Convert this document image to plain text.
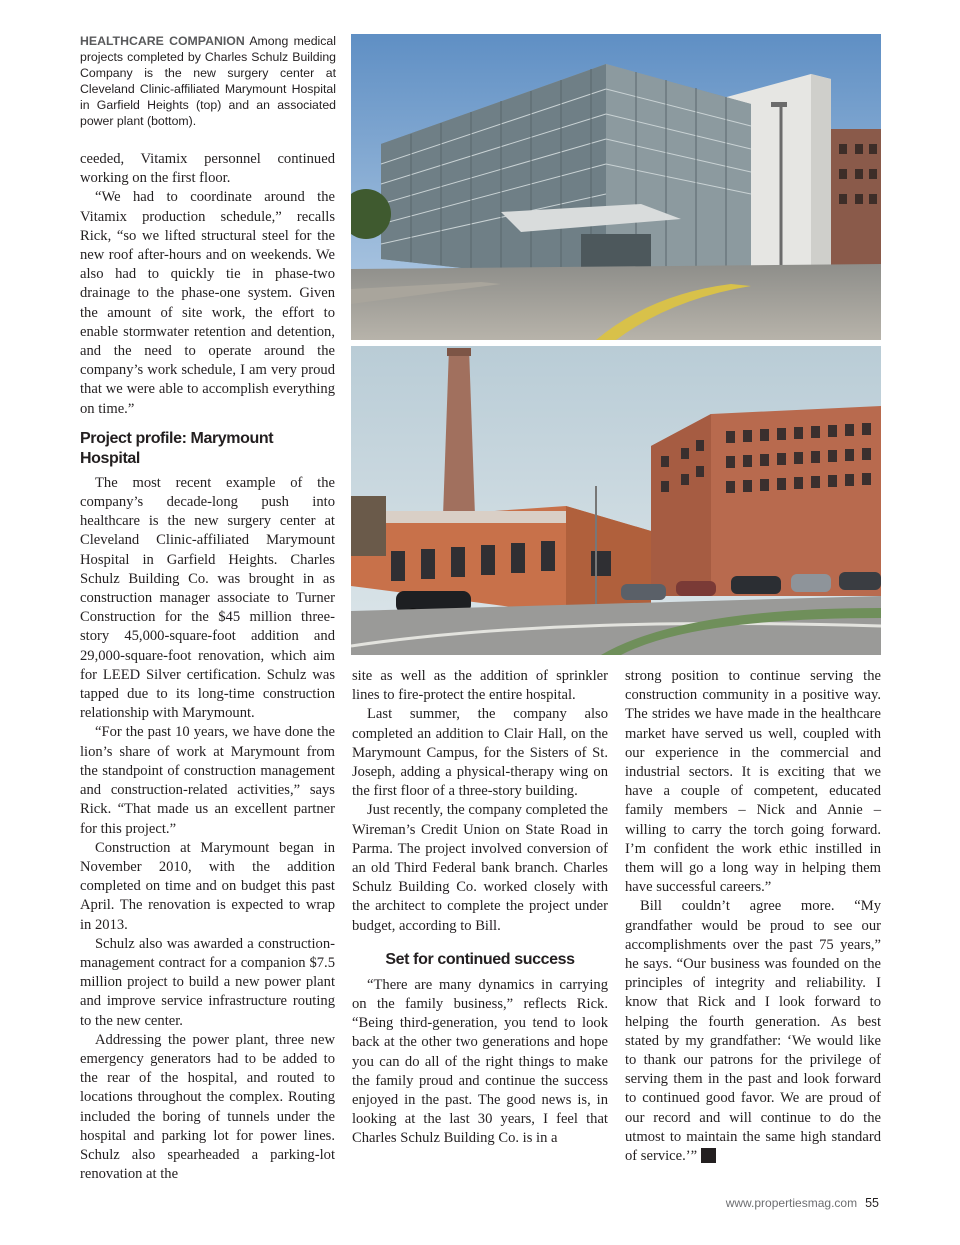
HEALTHCARE COMPANION Among medical projects completed by Charles Schulz Building Company is the new surgery center at Cleveland Clinic-affiliated Marymount Hospital in Garfield Heights (top) and an associated power plant (bottom).

ceeded, Vitamix personnel continued working on the first floor.

“We had to coordinate around the Vitamix production schedule,” recalls Rick, “so we lifted structural steel for the new roof after-hours and on weekends. We also had to quickly tie in phase-two drainage to the phase-one system. Given the amount of site work, the effort to enable stormwater retention and detention, and the need to operate around the company’s work schedule, I am very proud that we were able to accomplish everything on time.”

Project profile: Marymount Hospital

The most recent example of the company’s decade-long push into healthcare is the new surgery center at Cleveland Clinic-affiliated Marymount Hospital in Garfield Heights. Charles Schulz Building Co. was brought in as construction manager associate to Turner Construction for the $45 million three-story 45,000-square-foot addition and 29,000-square-foot renovation, which aim for LEED Silver certification. Schulz was tapped due to its long-time construction relationship with Marymount.

“For the past 10 years, we have done the lion’s share of work at Marymount from the standpoint of construction management and construction-related activities,” says Rick. “That made us an excellent partner for this project.”

Construction at Marymount began in November 2010, with the addition completed on time and on budget this past April. The renovation is expected to wrap in 2013.

Schulz also was awarded a construction-management contract for a companion $7.5 million project to build a new power plant and improve service infrastructure routing to the new center.

Addressing the power plant, three new emergency generators had to be added to the rear of the hospital, and routed to locations throughout the complex. Routing included the boring of tunnels under the hospital and parking lot for power lines. Schulz also spearheaded a parking-lot renovation at the

site as well as the addition of sprinkler lines to fire-protect the entire hospital.

Last summer, the company also completed an addition to Clair Hall, on the Marymount Campus, for the Sisters of St. Joseph, adding a physical-therapy wing on the first floor of a three-story building.

Just recently, the company completed the Wireman’s Credit Union on State Road in Parma. The project involved conversion of an old Third Federal bank branch. Charles Schulz Building Co. worked closely with the architect to complete the project under budget, according to Bill.

Set for continued success

“There are many dynamics in carrying on the family business,” reflects Rick. “Being third-generation, you tend to look back at the other two generations and hope you can do all of the right things to make the family proud and continue the success enjoyed in the past. The good news is, in looking at the last 30 years, I feel that Charles Schulz Building Co. is in a

strong position to continue serving the construction community in a positive way. The strides we have made in the healthcare market have served us well, coupled with our experience in the commercial and industrial sectors. It is exciting that we have a couple of competent, educated family members – Nick and Annie – willing to carry the torch going forward. I’m confident the work ethic instilled in them will go a long way in helping them have successful careers.”

Bill couldn’t agree more. “My grandfather would be proud to see our accomplishments over the past 75 years,” he says. “Our business was founded on the principles of integrity and reliability. I know that Rick and I look forward to helping the fourth generation. As best stated by my grandfather: ‘We would like to thank our patrons for the privilege of serving them in the past and look forward to continued good favor. We are proud of our record and will continue to do the utmost to maintain the same high standard of service.’” P

www.propertiesmag.com 55
